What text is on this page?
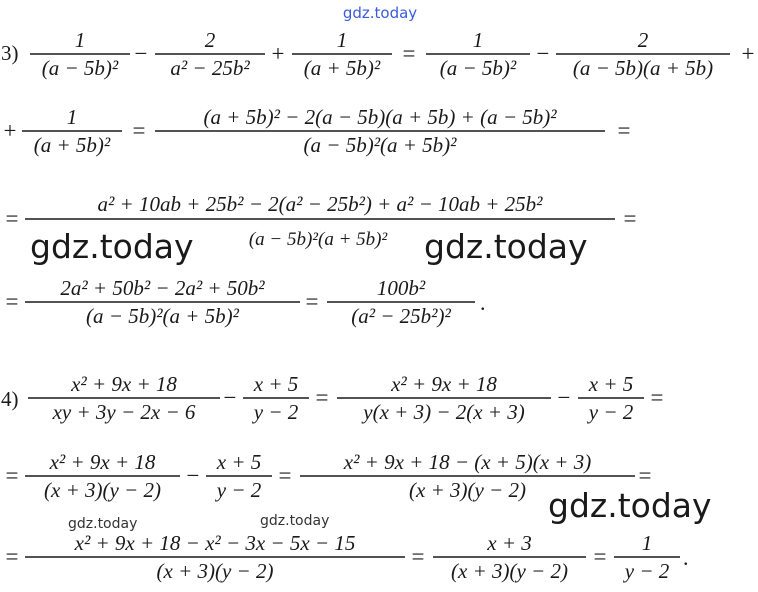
3)
1
(a − 5b)²
−
2
a² − 25b²
+
1
(a + 5b)²
=
1
(a − 5b)²
−
2
(a − 5b)(a + 5b)
+
+
1
(a + 5b)²
=
(a + 5b)² − 2(a − 5b)(a + 5b) + (a − 5b)²
(a − 5b)²(a + 5b)²
=
=
a² + 10ab + 25b² − 2(a² − 25b²) + a² − 10ab + 25b²
(a − 5b)²(a + 5b)²
=
=
2a² + 50b² − 2a² + 50b²
(a − 5b)²(a + 5b)²
=
100b²
(a² − 25b²)²
.
4)
x² + 9x + 18
xy + 3y − 2x − 6
−
x + 5
y − 2
=
x² + 9x + 18
y(x + 3) − 2(x + 3)
−
x + 5
y − 2
=
=
x² + 9x + 18
(x + 3)(y − 2)
−
x + 5
y − 2
=
x² + 9x + 18 − (x + 5)(x + 3)
(x + 3)(y − 2)
=
=
x² + 9x + 18 − x² − 3x − 5x − 15
(x + 3)(y − 2)
=
x + 3
(x + 3)(y − 2)
=
1
y − 2
.
gdz.today
gdz.today	gdz.today
gdz.today
gdz.today	gdz.today
